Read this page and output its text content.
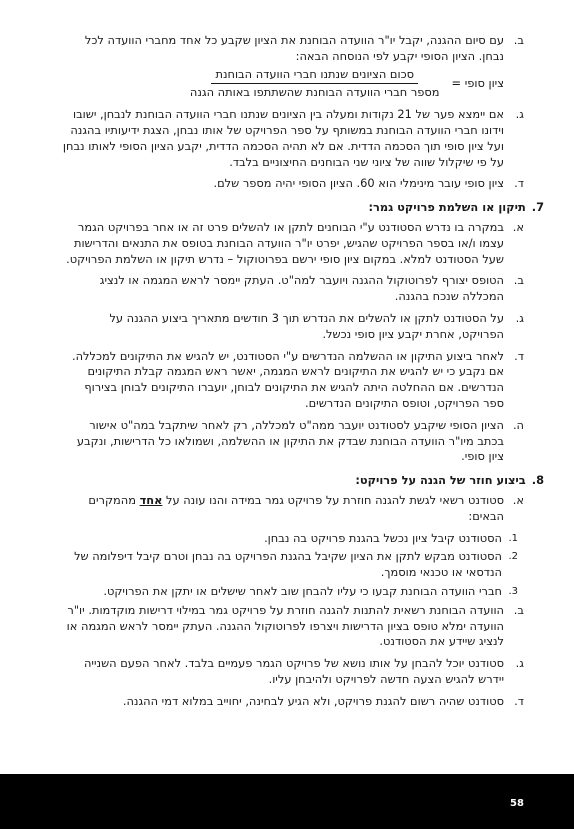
ב.
עם סיום ההגנה, יקבל יו"ר הוועדה הבוחנת את הציון שקבע כל אחד מחברי הוועדה לכל נבחן. הציון הסופי יקבע לפי הנוסחה הבאה:
ציון סופי =
$\frac{\text{סכום הציונים שנתנו חברי הוועדה הבוחנת}}{\text{מספר חברי הוועדה הבוחנת שהשתתפו באותה הגנה}}$
ג.
אם יימצא פער של 21 נקודות ומעלה בין הציונים שנתנו חברי הוועדה הבוחנת לנבחן, ישובו וידונו חברי הוועדה הבוחנת במשותף על ספר הפרויקט של אותו נבחן, הצגת ידיעותיו בהגנה ועל ציון סופי תוך הסכמה הדדית. אם לא תהיה הסכמה הדדית, יקבע הציון הסופי לאותו נבחן על פי שיקלול שווה של ציוני שני הבוחנים החיצוניים בלבד.
ד.
ציון סופי עובר מינימלי הוא 60. הציון הסופי יהיה מספר שלם.
7.תיקון או השלמת פרויקט גמר:
א.
במקרה בו נדרש הסטודנט ע"י הבוחנים לתקן או להשלים פרט זה או אחר בפרויקט הגמר עצמו ו/או בספר הפרויקט שהגיש, יפרט יו"ר הוועדה הבוחנת בטופס את התנאים והדרישות שעל הסטודנט למלא. במקום ציון סופי ירשם בפרוטוקול – נדרש תיקון או השלמת הפרויקט.
ב.
הטופס יצורף לפרוטוקול ההגנה ויועבר למה"ט. העתק יימסר לראש המגמה או לנציג המכללה שנכח בהגנה.
ג.
על הסטודנט לתקן או להשלים את הנדרש תוך 3 חודשים מתאריך ביצוע ההגנה על הפרויקט, אחרת יקבע ציון סופי נכשל.
ד.
לאחר ביצוע התיקון או ההשלמה הנדרשים ע"י הסטודנט, יש להגיש את התיקונים למכללה. אם נקבע כי יש להגיש את התיקונים לראש המגמה, יאשר ראש המגמה קבלת התיקונים הנדרשים. אם ההחלטה היתה להגיש את התיקונים לבוחן, יועברו התיקונים לבוחן בצירוף ספר הפרויקט, וטופס התיקונים הנדרשים.
ה.
הציון הסופי שיקבע לסטודנט יועבר ממה"ט למכללה, רק לאחר שיתקבל במה"ט אישור בכתב מיו"ר הוועדה הבוחנת שבדק את התיקון או ההשלמה, ושמולאו כל הדרישות, ונקבע ציון סופי.
8.ביצוע חוזר של הגנה על פרויקט:
א.
סטודנט רשאי לגשת להגנה חוזרת על פרויקט גמר במידה והנו עונה על אחד מהמקרים הבאים:
1.
הסטודנט קיבל ציון נכשל בהגנת פרויקט בה נבחן.
2.
הסטודנט מבקש לתקן את הציון שקיבל בהגנת הפרויקט בה נבחן וטרם קיבל דיפלומה של הנדסאי או טכנאי מוסמך.
3.
חברי הוועדה הבוחנת קבעו כי עליו להבחן שוב לאחר שישלים או יתקן את הפרויקט.
ב.
הוועדה הבוחנת רשאית להתנות להגנה חוזרת על פרויקט גמר במילוי דרישות מוקדמות. יו"ר הוועדה ימלא טופס בציון הדרישות ויצרפו לפרוטוקול ההגנה. העתק יימסר לראש המגמה או לנציג שיידע את הסטודנט.
ג.
סטודנט יוכל להבחן על אותו נושא של פרויקט הגמר פעמיים בלבד. לאחר הפעם השנייה יידרש להגיש הצעה חדשה לפרויקט ולהיבחן עליו.
ד.
סטודנט שהיה רשום להגנת פרויקט, ולא הגיע לבחינה, יחוייב במלוא דמי ההגנה.
58
